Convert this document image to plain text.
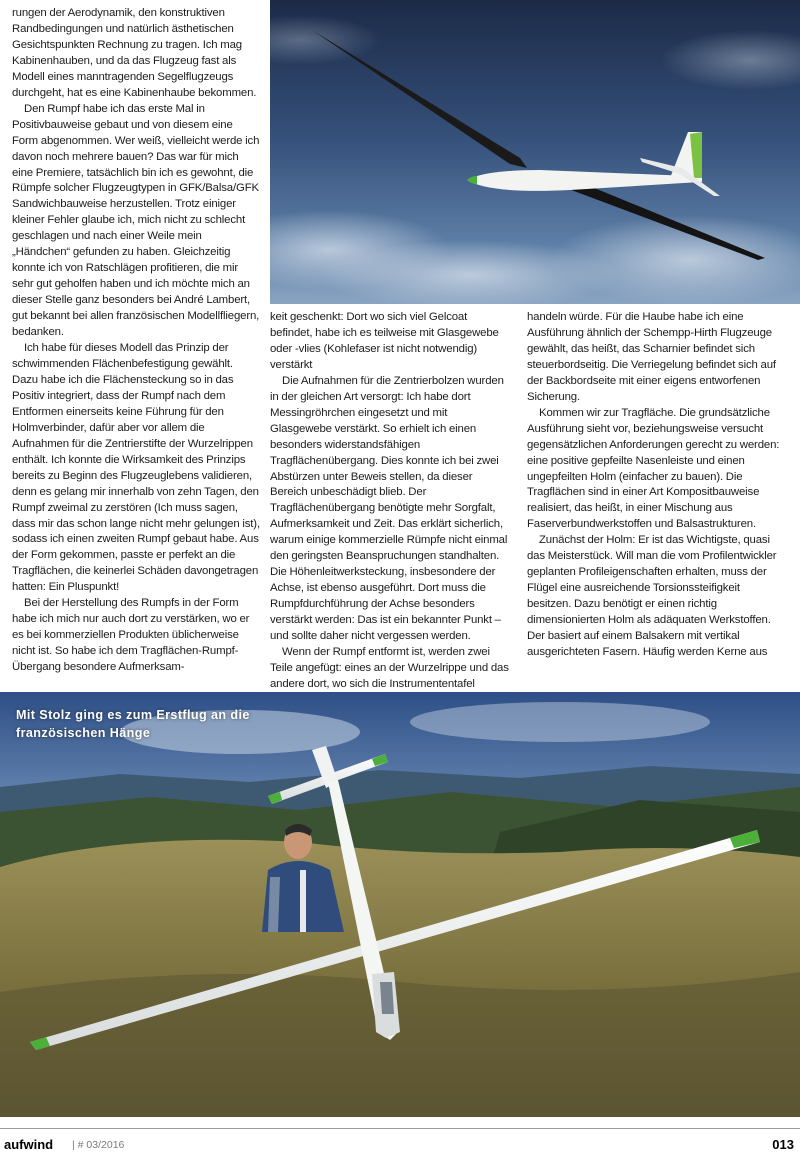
rungen der Aerodynamik, den konstruktiven Randbedingungen und natürlich ästhetischen Gesichtspunkten Rechnung zu tragen. Ich mag Kabinenhauben, und da das Flugzeug fast als Modell eines manntragenden Segelflugzeugs durchgeht, hat es eine Kabinenhaube bekommen.

Den Rumpf habe ich das erste Mal in Positivbauweise gebaut und von diesem eine Form abgenommen. Wer weiß, vielleicht werde ich davon noch mehrere bauen? Das war für mich eine Premiere, tatsächlich bin ich es gewohnt, die Rümpfe solcher Flugzeugtypen in GFK/Balsa/GFK Sandwichbauweise herzustellen. Trotz einiger kleiner Fehler glaube ich, mich nicht zu schlecht geschlagen und nach einer Weile mein „Händchen“ gefunden zu haben. Gleichzeitig konnte ich von Ratschlägen profitieren, die mir sehr gut geholfen haben und ich möchte mich an dieser Stelle ganz besonders bei André Lambert, gut bekannt bei allen französischen Modellfliegern, bedanken.

Ich habe für dieses Modell das Prinzip der schwimmenden Flächenbefestigung gewählt. Dazu habe ich die Flächensteckung so in das Positiv integriert, dass der Rumpf nach dem Entformen einerseits keine Führung für den Holmverbinder, dafür aber vor allem die Aufnahmen für die Zentrierstifte der Wurzelrippen enthält. Ich konnte die Wirksamkeit des Prinzips bereits zu Beginn des Flugzeuglebens validieren, denn es gelang mir innerhalb von zehn Tagen, den Rumpf zweimal zu zerstören (Ich muss sagen, dass mir das schon lange nicht mehr gelungen ist), sodass ich einen zweiten Rumpf gebaut habe. Aus der Form gekommen, passte er perfekt an die Tragflächen, die keinerlei Schäden davongetragen hatten: Ein Pluspunkt!

Bei der Herstellung des Rumpfs in der Form habe ich mich nur auch dort zu verstärken, wo er es bei kommerziellen Produkten üblicherweise nicht ist. So habe ich dem Tragflächen-Rumpf-Übergang besondere Aufmerksam-

keit geschenkt: Dort wo sich viel Gelcoat befindet, habe ich es teilweise mit Glasgewebe oder -vlies (Kohlefaser ist nicht notwendig) verstärkt

Die Aufnahmen für die Zentrierbolzen wurden in der gleichen Art versorgt: Ich habe dort Messingröhrchen eingesetzt und mit Glasgewebe verstärkt. So erhielt ich einen besonders widerstandsfähigen Tragflächenübergang. Dies konnte ich bei zwei Abstürzen unter Beweis stellen, da dieser Bereich unbeschädigt blieb. Der Tragflächenübergang benötigte mehr Sorgfalt, Aufmerksamkeit und Zeit. Das erklärt sicherlich, warum einige kommerzielle Rümpfe nicht einmal den geringsten Beanspruchungen standhalten. Die Höhenleitwerksteckung, insbesondere der Achse, ist ebenso ausgeführt. Dort muss die Rumpfdurchführung der Achse besonders verstärkt werden: Das ist ein bekannter Punkt – und sollte daher nicht vergessen werden.

Wenn der Rumpf entformt ist, werden zwei Teile angefügt: eines an der Wurzelrippe und das andere dort, wo sich die Instrumententafel

handeln würde. Für die Haube habe ich eine Ausführung ähnlich der Schempp-Hirth Flugzeuge gewählt, das heißt, das Scharnier befindet sich steuerbordseitig. Die Verriegelung befindet sich auf der Backbordseite mit einer eigens entworfenen Sicherung.

Kommen wir zur Tragfläche. Die grundsätzliche Ausführung sieht vor, beziehungsweise versucht gegensätzlichen Anforderungen gerecht zu werden: eine positive gepfeilte Nasenleiste und einen ungepfeilten Holm (einfacher zu bauen). Die Tragflächen sind in einer Art Kompositbauweise realisiert, das heißt, in einer Mischung aus Faserverbundwerkstoffen und Balsastrukturen.

Zunächst der Holm: Er ist das Wichtigste, quasi das Meisterstück. Will man die vom Profilentwickler geplanten Profileigenschaften erhalten, muss der Flügel eine ausreichende Torsionssteifigkeit besitzen. Dazu benötigt er einen richtig dimensionierten Holm als adäquaten Werkstoffen. Der basiert auf einem Balsakern mit vertikal ausgerichteten Fasern. Häufig werden Kerne aus

Mit Stolz ging es zum Erstflug an die französischen Hänge
aufwind | # 03/2016	013
